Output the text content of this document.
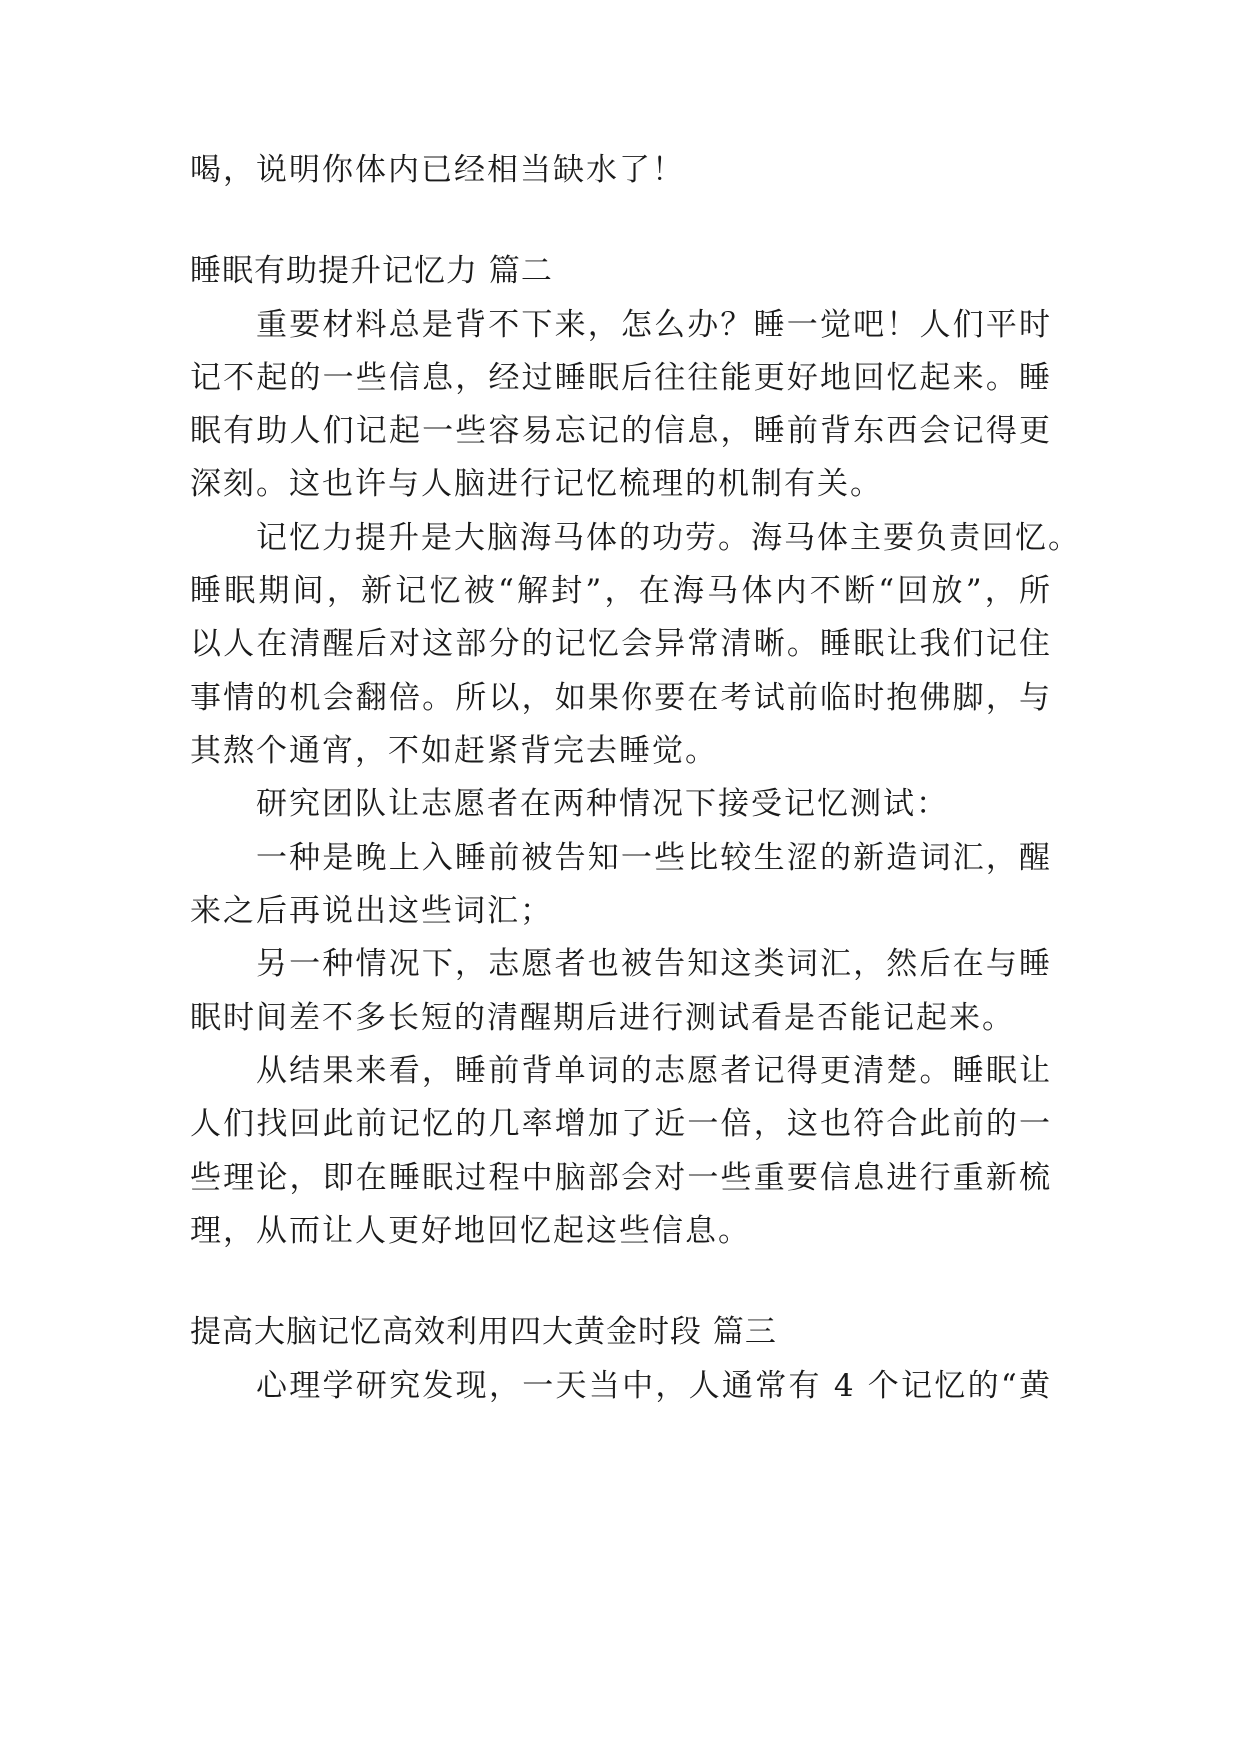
喝，说明你体内已经相当缺水了！
睡眠有助提升记忆力 篇二
重要材料总是背不下来，怎么办？睡一觉吧！人们平时
记不起的一些信息，经过睡眠后往往能更好地回忆起来。睡
眠有助人们记起一些容易忘记的信息，睡前背东西会记得更
深刻。这也许与人脑进行记忆梳理的机制有关。
记忆力提升是大脑海马体的功劳。海马体主要负责回忆。
睡眠期间，新记忆被“解封”，在海马体内不断“回放”，所
以人在清醒后对这部分的记忆会异常清晰。睡眠让我们记住
事情的机会翻倍。所以，如果你要在考试前临时抱佛脚，与
其熬个通宵，不如赶紧背完去睡觉。
研究团队让志愿者在两种情况下接受记忆测试：
一种是晚上入睡前被告知一些比较生涩的新造词汇，醒
来之后再说出这些词汇；
另一种情况下，志愿者也被告知这类词汇，然后在与睡
眠时间差不多长短的清醒期后进行测试看是否能记起来。
从结果来看，睡前背单词的志愿者记得更清楚。睡眠让
人们找回此前记忆的几率增加了近一倍，这也符合此前的一
些理论，即在睡眠过程中脑部会对一些重要信息进行重新梳
理，从而让人更好地回忆起这些信息。
提高大脑记忆高效利用四大黄金时段 篇三
心理学研究发现，一天当中，人通常有 4 个记忆的“黄
